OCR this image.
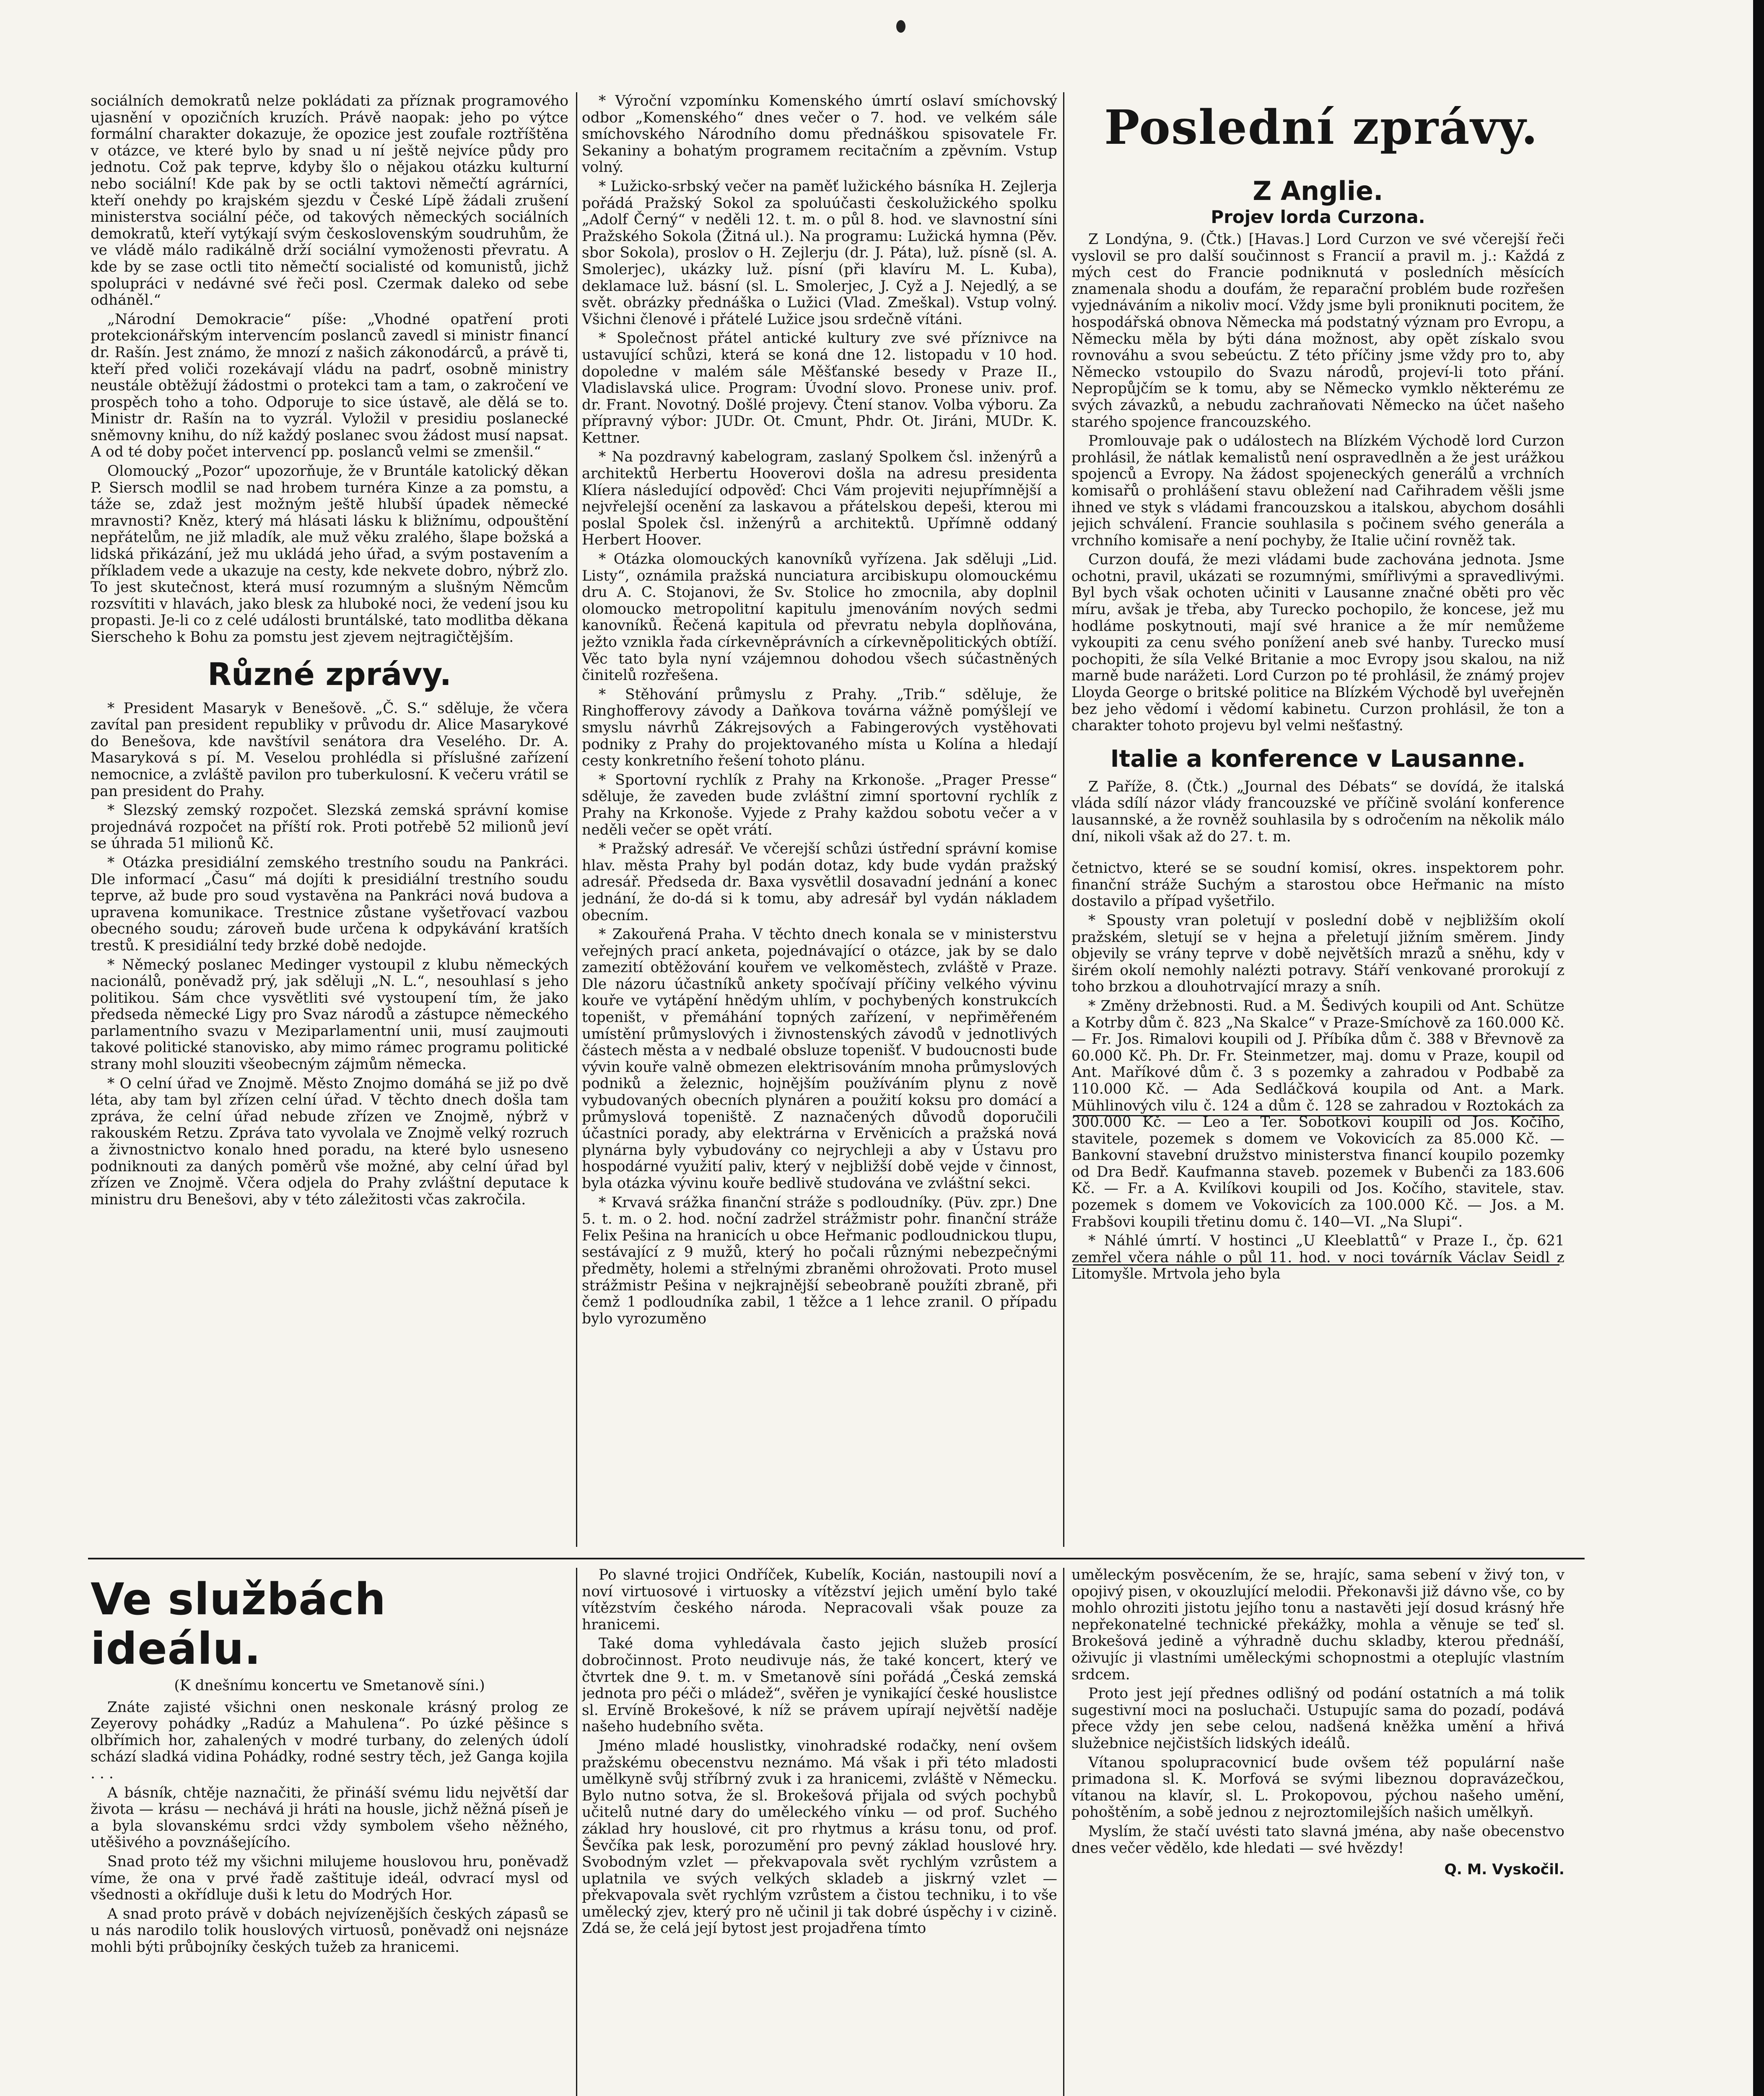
sociálních demokratů nelze pokládati za příznak programového ujasnění v opozičních kruzích. Právě naopak: jeho po výtce formální charakter dokazuje, že opozice jest zoufale roztříštěna v otázce, ve které bylo by snad u ní ještě nejvíce půdy pro jednotu. Což pak teprve, kdyby šlo o nějakou otázku kulturní nebo sociální! Kde pak by se octli taktovi němečtí agrárníci, kteří onehdy po krajském sjezdu v České Lípě žádali zrušení ministerstva sociální péče, od takových německých sociálních demokratů, kteří vytýkají svým československým soudruhům, že ve vládě málo radikálně drží sociální vymoženosti převratu. A kde by se zase octli tito němečtí socialisté od komunistů, jichž spolupráci v nedávné své řeči posl. Czermak daleko od sebe odháněl.“

„Národní Demokracie“ píše: „Vhodné opatření proti protekcionářským intervencím poslanců zavedl si ministr financí dr. Rašín. Jest známo, že mnozí z našich zákonodárců, a právě ti, kteří před voliči rozekávají vládu na padrť, osobně ministry neustále obtěžují žádostmi o protekci tam a tam, o zakročení ve prospěch toho a toho. Odporuje to sice ústavě, ale dělá se to. Ministr dr. Rašín na to vyzrál. Vyložil v presidiu poslanecké sněmovny knihu, do níž každý poslanec svou žádost musí napsat. A od té doby počet intervencí pp. poslanců velmi se zmenšil.“

Olomoucký „Pozor“ upozorňuje, že v Bruntále katolický děkan P. Siersch modlil se nad hrobem turnéra Kinze a za pomstu, a táže se, zdaž jest možným ještě hlubší úpadek německé mravnosti? Kněz, který má hlásati lásku k bližnímu, odpouštění nepřátelům, ne již mladík, ale muž věku zralého, šlape božská a lidská přikázání, jež mu ukládá jeho úřad, a svým postavením a příkladem vede a ukazuje na cesty, kde nekvete dobro, nýbrž zlo. To jest skutečnost, která musí rozumným a slušným Němcům rozsvítiti v hlavách, jako blesk za hluboké noci, že vedení jsou ku propasti. Je-li co z celé události bruntálské, tato modlitba děkana Sierscheho k Bohu za pomstu jest zjevem nejtragičtějším.

Různé zprávy.

* President Masaryk v Benešově. „Č. S.“ sděluje, že včera zavítal pan president republiky v průvodu dr. Alice Masarykové do Benešova, kde navštívil senátora dra Veselého. Dr. A. Masaryková s pí. M. Veselou prohlédla si příslušné zařízení nemocnice, a zvláště pavilon pro tuberkulosní. K večeru vrátil se pan president do Prahy.

* Slezský zemský rozpočet. Slezská zemská správní komise projednává rozpočet na příští rok. Proti potřebě 52 milionů jeví se úhrada 51 milionů Kč.

* Otázka presidiální zemského trestního soudu na Pankráci. Dle informací „Času“ má dojíti k presidiální trestního soudu teprve, až bude pro soud vystavěna na Pankráci nová budova a upravena komunikace. Trestnice zůstane vyšetřovací vazbou obecného soudu; zároveň bude určena k odpykávání kratších trestů. K presidiální tedy brzké době nedojde.

* Německý poslanec Medinger vystoupil z klubu německých nacionálů, poněvadž prý, jak sděluji „N. L.“, nesouhlasí s jeho politikou. Sám chce vysvětliti své vystoupení tím, že jako předseda německé Ligy pro Svaz národů a zástupce německého parlamentního svazu v Meziparlamentní unii, musí zaujmouti takové politické stanovisko, aby mimo rámec programu politické strany mohl slouziti všeobecným zájmům německa.

* O celní úřad ve Znojmě. Město Znojmo domáhá se již po dvě léta, aby tam byl zřízen celní úřad. V těchto dnech došla tam zpráva, že celní úřad nebude zřízen ve Znojmě, nýbrž v rakouském Retzu. Zpráva tato vyvolala ve Znojmě velký rozruch a živnostnictvo konalo hned poradu, na které bylo usneseno podniknouti za daných poměrů vše možné, aby celní úřad byl zřízen ve Znojmě. Včera odjela do Prahy zvláštní deputace k ministru dru Benešovi, aby v této záležitosti včas zakročila.

* Výroční vzpomínku Komenského úmrtí oslaví smíchovský odbor „Komenského“ dnes večer o 7. hod. ve velkém sále smíchovského Národního domu přednáškou spisovatele Fr. Sekaniny a bohatým programem recitačním a zpěvním. Vstup volný.

* Lužicko-srbský večer na paměť lužického básníka H. Zejlerja pořádá Pražský Sokol za spoluúčasti českolužického spolku „Adolf Černý“ v neděli 12. t. m. o půl 8. hod. ve slavnostní síni Pražského Sokola (Žitná ul.). Na programu: Lužická hymna (Pěv. sbor Sokola), proslov o H. Zejlerju (dr. J. Páta), luž. písně (sl. A. Smolerjec), ukázky luž. písní (při klavíru M. L. Kuba), deklamace luž. básní (sl. L. Smolerjec, J. Cyž a J. Nejedlý, a se svět. obrázky přednáška o Lužici (Vlad. Zmeškal). Vstup volný. Všichni členové i přátelé Lužice jsou srdečně vítáni.

* Společnost přátel antické kultury zve své příznivce na ustavující schůzi, která se koná dne 12. listopadu v 10 hod. dopoledne v malém sále Měšťanské besedy v Praze II., Vladislavská ulice. Program: Úvodní slovo. Pronese univ. prof. dr. Frant. Novotný. Došlé projevy. Čtení stanov. Volba výboru. Za přípravný výbor: JUDr. Ot. Cmunt, Phdr. Ot. Jiráni, MUDr. K. Kettner.

* Na pozdravný kabelogram, zaslaný Spolkem čsl. inženýrů a architektů Herbertu Hooverovi došla na adresu presidenta Klíera následující odpověď: Chci Vám projeviti nejupřímnější a nejvřelejší ocenění za laskavou a přátelskou depeši, kterou mi poslal Spolek čsl. inženýrů a architektů. Upřímně oddaný Herbert Hoover.

* Otázka olomouckých kanovníků vyřízena. Jak sděluji „Lid. Listy“, oznámila pražská nunciatura arcibiskupu olomouckému dru A. C. Stojanovi, že Sv. Stolice ho zmocnila, aby doplnil olomoucko metropolitní kapitulu jmenováním nových sedmi kanovníků. Řečená kapitula od převratu nebyla doplňována, ježto vznikla řada církevněprávních a církevněpolitických obtíží. Věc tato byla nyní vzájemnou dohodou všech súčastněných činitelů rozřešena.

* Stěhování průmyslu z Prahy. „Trib.“ sděluje, že Ringhofferovy závody a Daňkova továrna vážně pomýšlejí ve smyslu návrhů Zákrejsových a Fabingerových vystěhovati podniky z Prahy do projektovaného místa u Kolína a hledají cesty konkretního řešení tohoto plánu.

* Sportovní rychlík z Prahy na Krkonoše. „Prager Presse“ sděluje, že zaveden bude zvláštní zimní sportovní rychlík z Prahy na Krkonoše. Vyjede z Prahy každou sobotu večer a v neděli večer se opět vrátí.

* Pražský adresář. Ve včerejší schůzi ústřední správní komise hlav. města Prahy byl podán dotaz, kdy bude vydán pražský adresář. Předseda dr. Baxa vysvětlil dosavadní jednání a konec jednání, že do-dá si k tomu, aby adresář byl vydán nákladem obecním.

* Zakouřená Praha. V těchto dnech konala se v ministerstvu veřejných prací anketa, pojednávající o otázce, jak by se dalo zamezití obtěžování kouřem ve velkoměstech, zvláště v Praze. Dle názoru účastníků ankety spočívají příčiny velkého vývinu kouře ve vytápění hnědým uhlím, v pochybených konstrukcích topeništ, v přemáhání topných zařízení, v nepřiměřeném umístění průmyslových i živnostenských závodů v jednotlivých částech města a v nedbalé obsluze topenišť. V budoucnosti bude vývin kouře valně obmezen elektrisováním mnoha průmyslových podniků a železnic, hojnějším používáním plynu z nově vybudovaných obecních plynáren a použití koksu pro domácí a průmyslová topeniště. Z naznačených důvodů doporučili účastníci porady, aby elektrárna v Ervěnicích a pražská nová plynárna byly vybudovány co nejrychleji a aby v Ústavu pro hospodárné využití paliv, který v nejbližší době vejde v činnost, byla otázka vývinu kouře bedlivě studována ve zvláštní sekci.

* Krvavá srážka finanční stráže s podloudníky. (Püv. zpr.) Dne 5. t. m. o 2. hod. noční zadržel strážmistr pohr. finanční stráže Felix Pešina na hranicích u obce Heřmanic podloudnickou tlupu, sestávající z 9 mužů, který ho počali různými nebezpečnými předměty, holemi a střelnými zbraněmi ohrožovati. Proto musel strážmistr Pešina v nejkrajnější sebeobraně použíti zbraně, při čemž 1 podloudníka zabil, 1 těžce a 1 lehce zranil. O případu bylo vyrozuměno

Poslední zprávy.
Z Anglie.
Projev lorda Curzona.

Z Londýna, 9. (Čtk.) [Havas.] Lord Curzon ve své včerejší řeči vyslovil se pro další součinnost s Francií a pravil m. j.: Každá z mých cest do Francie podniknutá v posledních měsících znamenala shodu a doufám, že reparační problém bude rozřešen vyjednáváním a nikoliv mocí. Vždy jsme byli proniknuti pocitem, že hospodářská obnova Německa má podstatný význam pro Evropu, a Německu měla by býti dána možnost, aby opět získalo svou rovnováhu a svou sebeúctu. Z této příčiny jsme vždy pro to, aby Německo vstoupilo do Svazu národů, projeví-li toto přání. Nepropůjčím se k tomu, aby se Německo vymklo některému ze svých závazků, a nebudu zachraňovati Německo na účet našeho starého spojence francouzského.

Promlouvaje pak o událostech na Blízkém Východě lord Curzon prohlásil, že nátlak kemalistů není ospravedlněn a že jest urážkou spojenců a Evropy. Na žádost spojeneckých generálů a vrchních komisařů o prohlášení stavu obležení nad Cařihradem věšli jsme ihned ve styk s vládami francouzskou a italskou, abychom dosáhli jejich schválení. Francie souhlasila s počinem svého generála a vrchního komisaře a není pochyby, že Italie učiní rovněž tak.

Curzon doufá, že mezi vládami bude zachována jednota. Jsme ochotni, pravil, ukázati se rozumnými, smířlivými a spravedlivými. Byl bych však ochoten učiniti v Lausanne značné oběti pro věc míru, avšak je třeba, aby Turecko pochopilo, že koncese, jež mu hodláme poskytnouti, mají své hranice a že mír nemůžeme vykoupiti za cenu svého ponížení aneb své hanby. Turecko musí pochopiti, že síla Velké Britanie a moc Evropy jsou skalou, na niž marně bude narážeti. Lord Curzon po té prohlásil, že známý projev Lloyda George o britské politice na Blízkém Východě byl uveřejněn bez jeho vědomí i vědomí kabinetu. Curzon prohlásil, že ton a charakter tohoto projevu byl velmi nešťastný.

Italie a konference v Lausanne.

Z Paříže, 8. (Čtk.) „Journal des Débats“ se dovídá, že italská vláda sdílí názor vlády francouzské ve příčině svolání konference lausannské, a že rovněž souhlasila by s odročením na několik málo dní, nikoli však až do 27. t. m.

četnictvo, které se se soudní komisí, okres. inspektorem pohr. finanční stráže Suchým a starostou obce Heřmanic na místo dostavilo a případ vyšetřilo.

* Spousty vran poletují v poslední době v nejbližším okolí pražském, sletují se v hejna a přeletují jižním směrem. Jindy objevily se vrány teprve v době největších mrazů a sněhu, kdy v širém okolí nemohly nalézti potravy. Stáří venkované prorokují z toho brzkou a dlouhotrvající mrazy a sníh.

* Změny držebnosti. Rud. a M. Šedivých koupili od Ant. Schütze a Kotrby dům č. 823 „Na Skalce“ v Praze-Smíchově za 160.000 Kč. — Fr. Jos. Rimalovi koupili od J. Příbíka dům č. 388 v Břevnově za 60.000 Kč. Ph. Dr. Fr. Steinmetzer, maj. domu v Praze, koupil od Ant. Maříkové dům č. 3 s pozemky a zahradou v Podbabě za 110.000 Kč. — Ada Sedláčková koupila od Ant. a Mark. Mühlinových vilu č. 124 a dům č. 128 se zahradou v Roztokách za 300.000 Kč. — Leo a Ter. Sobotkovi koupili od Jos. Kočího, stavitele, pozemek s domem ve Vokovicích za 85.000 Kč. — Bankovní stavební družstvo ministerstva financí koupilo pozemky od Dra Bedř. Kaufmanna staveb. pozemek v Bubenči za 183.606 Kč. — Fr. a A. Kvilíkovi koupili od Jos. Kočího, stavitele, stav. pozemek s domem ve Vokovicích za 100.000 Kč. — Jos. a M. Frabšovi koupili třetinu domu č. 140—VI. „Na Slupi“.

* Náhlé úmrtí. V hostinci „U Kleeblattů“ v Praze I., čp. 621 zemřel včera náhle o půl 11. hod. v noci továrník Václav Seidl z Litomyšle. Mrtvola jeho byla

Ve službách ideálu.

(K dnešnímu koncertu ve Smetanově síni.)

Znáte zajisté všichni onen neskonale krásný prolog ze Zeyerovy pohádky „Radúz a Mahulena“. Po úzké pěšince s olbřímich hor, zahalených v modré turbany, do zelených údolí schází sladká vidina Pohádky, rodné sestry těch, jež Ganga kojila . . .

A básník, chtěje naznačiti, že přináší svému lidu největší dar života — krásu — nechává ji hráti na housle, jichž něžná píseň je a byla slovanskému srdci vždy symbolem všeho něžného, utěšivého a povznášejícího.

Snad proto též my všichni milujeme houslovou hru, poněvadž víme, že ona v prvé řadě zaštituje ideál, odvrací mysl od všednosti a okřídluje duši k letu do Modrých Hor.

A snad proto právě v dobách nejvízenějších českých zápasů se u nás narodilo tolik houslových virtuosů, poněvadž oni nejsnáze mohli býti průbojníky českých tužeb za hranicemi.

Po slavné trojici Ondříček, Kubelík, Kocián, nastoupili noví a noví virtuosové i virtuosky a vítězství jejich umění bylo také vítězstvím českého národa. Nepracovali však pouze za hranicemi.

Také doma vyhledávala často jejich služeb prosící dobročinnost. Proto neudivuje nás, že také koncert, který ve čtvrtek dne 9. t. m. v Smetanově síni pořádá „Česká zemská jednota pro péči o mládež“, svěřen je vynikající české houslistce sl. Ervíně Brokešové, k níž se právem upírají největší naděje našeho hudebního světa.

Jméno mladé houslistky, vinohradské rodačky, není ovšem pražskému obecenstvu neznámo. Má však i při této mladosti umělkyně svůj stříbrný zvuk i za hranicemi, zvláště v Německu. Bylo nutno sotva, že sl. Brokešová přijala od svých pochybů učitelů nutné dary do uměleckého vínku — od prof. Suchého základ hry houslové, cit pro rhytmus a krásu tonu, od prof. Ševčíka pak lesk, porozumění pro pevný základ houslové hry. Svobodným vzlet — překvapovala svět rychlým vzrůstem a uplatnila ve svých velkých skladeb a jiskrný vzlet — překvapovala svět rychlým vzrůstem a čistou techniku, i to vše umělecký zjev, který pro ně učinil ji tak dobré úspěchy i v cizině. Zdá se, že celá její bytost jest projadřena tímto

uměleckým posvěcením, že se, hrajíc, sama sebení v živý ton, v opojivý pisen, v okouzlující melodii. Překonavši již dávno vše, co by mohlo ohroziti jistotu jejího tonu a nastavěti její dosud krásný hře nepřekonatelné technické překážky, mohla a věnuje se teď sl. Brokešová jedině a výhradně duchu skladby, kterou přednáší, oživujíc ji vlastními uměleckými schopnostmi a oteplujíc vlastním srdcem.

Proto jest její přednes odlišný od podání ostatních a má tolik sugestivní moci na posluchači. Ustupujíc sama do pozadí, podává přece vždy jen sebe celou, nadšená kněžka umění a hřivá služebnice nejčistších lidských ideálů.

Vítanou spolupracovnicí bude ovšem též populární naše primadona sl. K. Morfová se svými libeznou dopravázečkou, vítanou na klavír, sl. L. Prokopovou, pýchou našeho umění, pohoštěním, a sobě jednou z nejroztomilejších našich umělkyň.

Myslím, že stačí uvésti tato slavná jména, aby naše obecenstvo dnes večer vědělo, kde hledati — své hvězdy!

Q. M. Vyskočil.
